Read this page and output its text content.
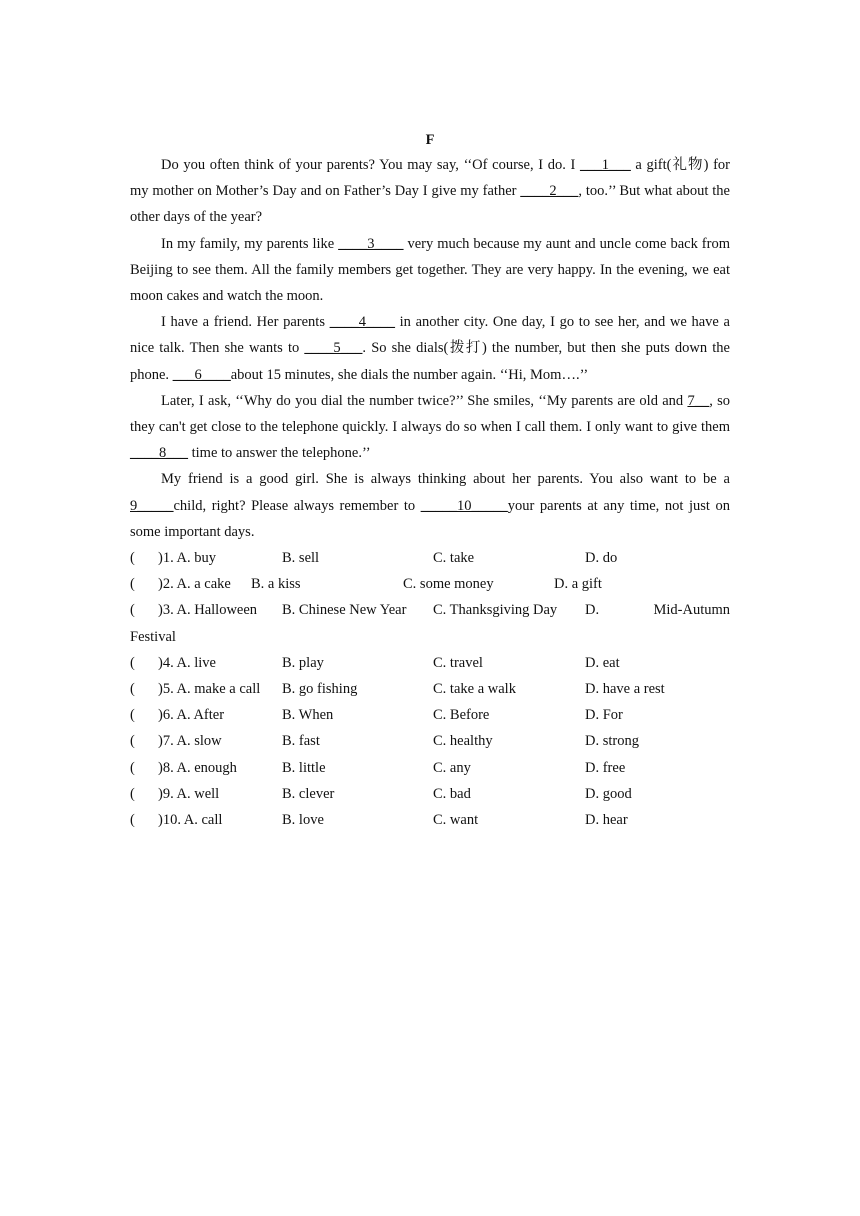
F

Do you often think of your parents? You may say, ‘‘Of course, I do. I ___1___ a gift(礼物) for my mother on Mother’s Day and on Father’s Day I give my father ____2___, too.’’ But what about the other days of the year?

In my family, my parents like ____3____ very much because my aunt and uncle come back from Beijing to see them. All the family members get together. They are very happy. In the evening, we eat moon cakes and watch the moon.

I have a friend. Her parents ____4____ in another city. One day, I go to see her, and we have a nice talk. Then she wants to ____5___. So she dials(拨打) the number, but then she puts down the phone. ___6____about 15 minutes, she dials the number again. ‘‘Hi, Mom….’’

Later, I ask, ‘‘Why do you dial the number twice?’’ She smiles, ‘‘My parents are old and 7__, so they can't get close to the telephone quickly. I always do so when I call them. I only want to give them ____8___ time to answer the telephone.’’

My friend is a good girl. She is always thinking about her parents. You also want to be a 9_____child, right? Please always remember to _____10_____your parents at any time, not just on some important days.

( )1. A. buy	B. sell	C. take	D. do
( )2. A. a cake B. a kiss	C. some money	D. a gift
( )3. A. Halloween B. Chinese New Year C. Thanksgiving Day D.	Mid-Autumn
Festival
( )4. A. live	B. play	C. travel	D. eat
( )5. A. make a call B. go fishing	C. take a walk	D. have a rest
( )6. A. After	B. When	C. Before	D. For
( )7. A. slow	B. fast	C. healthy	D. strong
( )8. A. enough	B. little	C. any	D. free
( )9. A. well	B. clever	C. bad	D. good
( )10. A. call	B. love	C. want	D. hear
